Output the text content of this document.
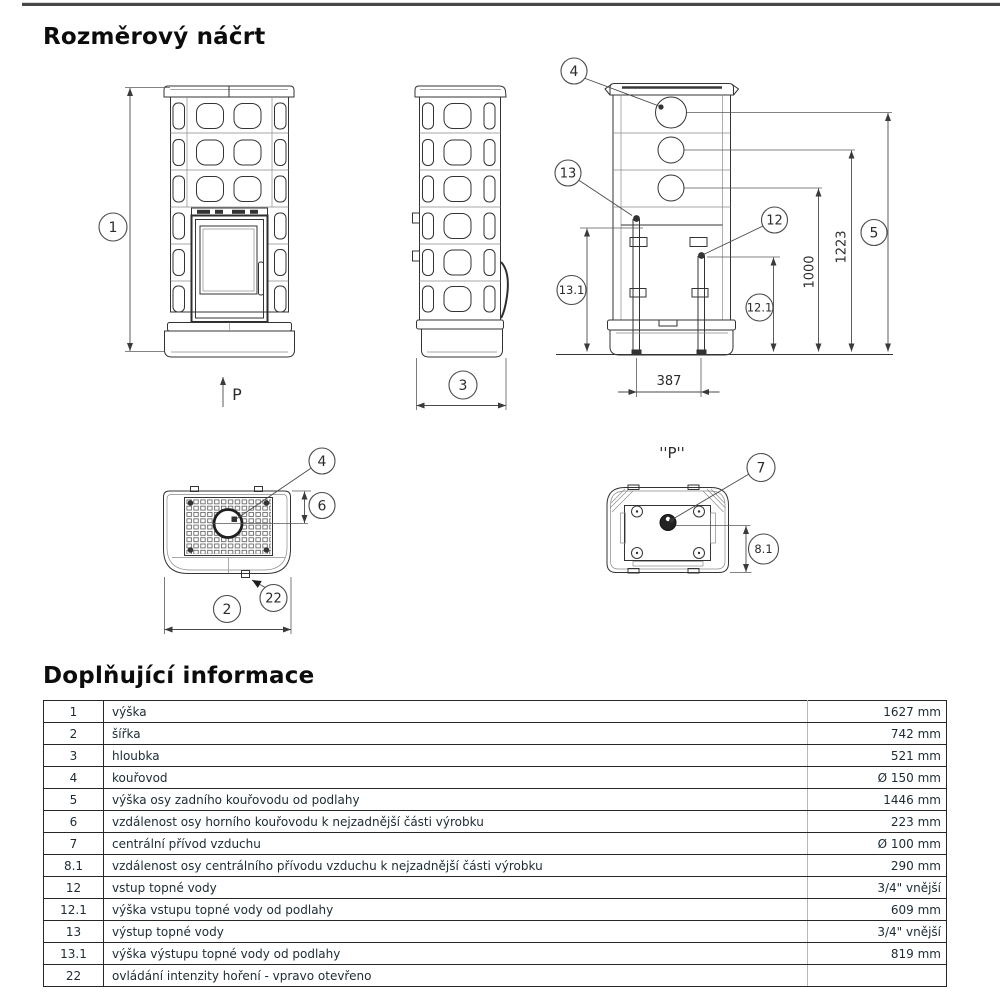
Rozměrový náčrt
1
P	3
4
13
12
13.1
12.1
1000
1223 5
387
4
6
22
2
''P''
7
8.1
Doplňující informace
1	výška	1627 mm
2	šířka	742 mm
3	hloubka	521 mm
4	kouřovod	Ø 150 mm
5	výška osy zadního kouřovodu od podlahy	1446 mm
6	vzdálenost osy horního kouřovodu k nejzadnější části výrobku	223 mm
7	centrální přívod vzduchu	Ø 100 mm
8.1	vzdálenost osy centrálního přívodu vzduchu k nejzadnější části výrobku	290 mm
12	vstup topné vody	3/4" vnější
12.1	výška vstupu topné vody od podlahy	609 mm
13	výstup topné vody	3/4" vnější
13.1	výška výstupu topné vody od podlahy	819 mm
22	ovládání intenzity hoření - vpravo otevřeno	
